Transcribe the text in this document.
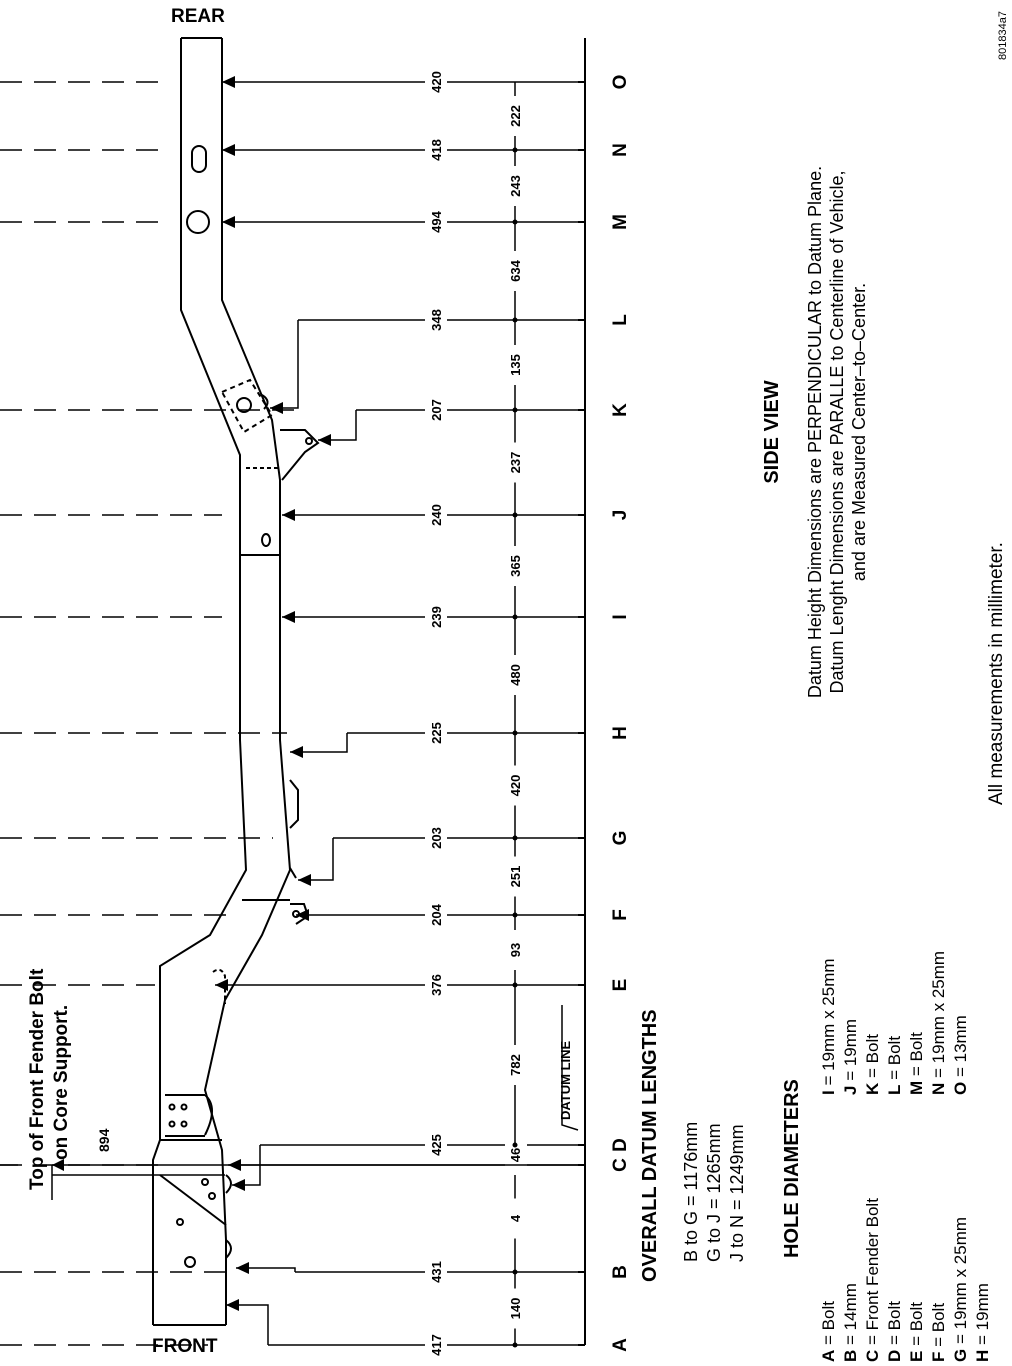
417
431
425
376
204
203
225
239
240
207
348
494
418
420
140
4
46
782
93
251
420
480
365
237
135
634
243
222
A
B
C
D
E
F
G
H
I
J
K
L
M
N
O
REAR
FRONT
Top of Front Fender Bolt on Core Support. 894
DATUM LINE
801834a7
OVERALL DATUM LENGTHS B to G = 1176mm G to J = 1265mm J to N = 1249mm HOLE DIAMETERS
A = Bolt
B = 14mm
C = Front Fender Bolt
D = Bolt
E = Bolt
F = Bolt
G = 19mm x 25mm
H = 19mm
I = 19mm x 25mm J = 19mm
K = Bolt
L = Bolt
M = Bolt
N = 19mm x 25mm
O = 13mm
SIDE VIEW Datum Height Dimensions are PERPENDICULAR to Datum Plane. Datum Lenght Dimensions are PARALLE to Centerline of Vehicle, and are Measured Center–to–Center.
All measurements in millimeter.
